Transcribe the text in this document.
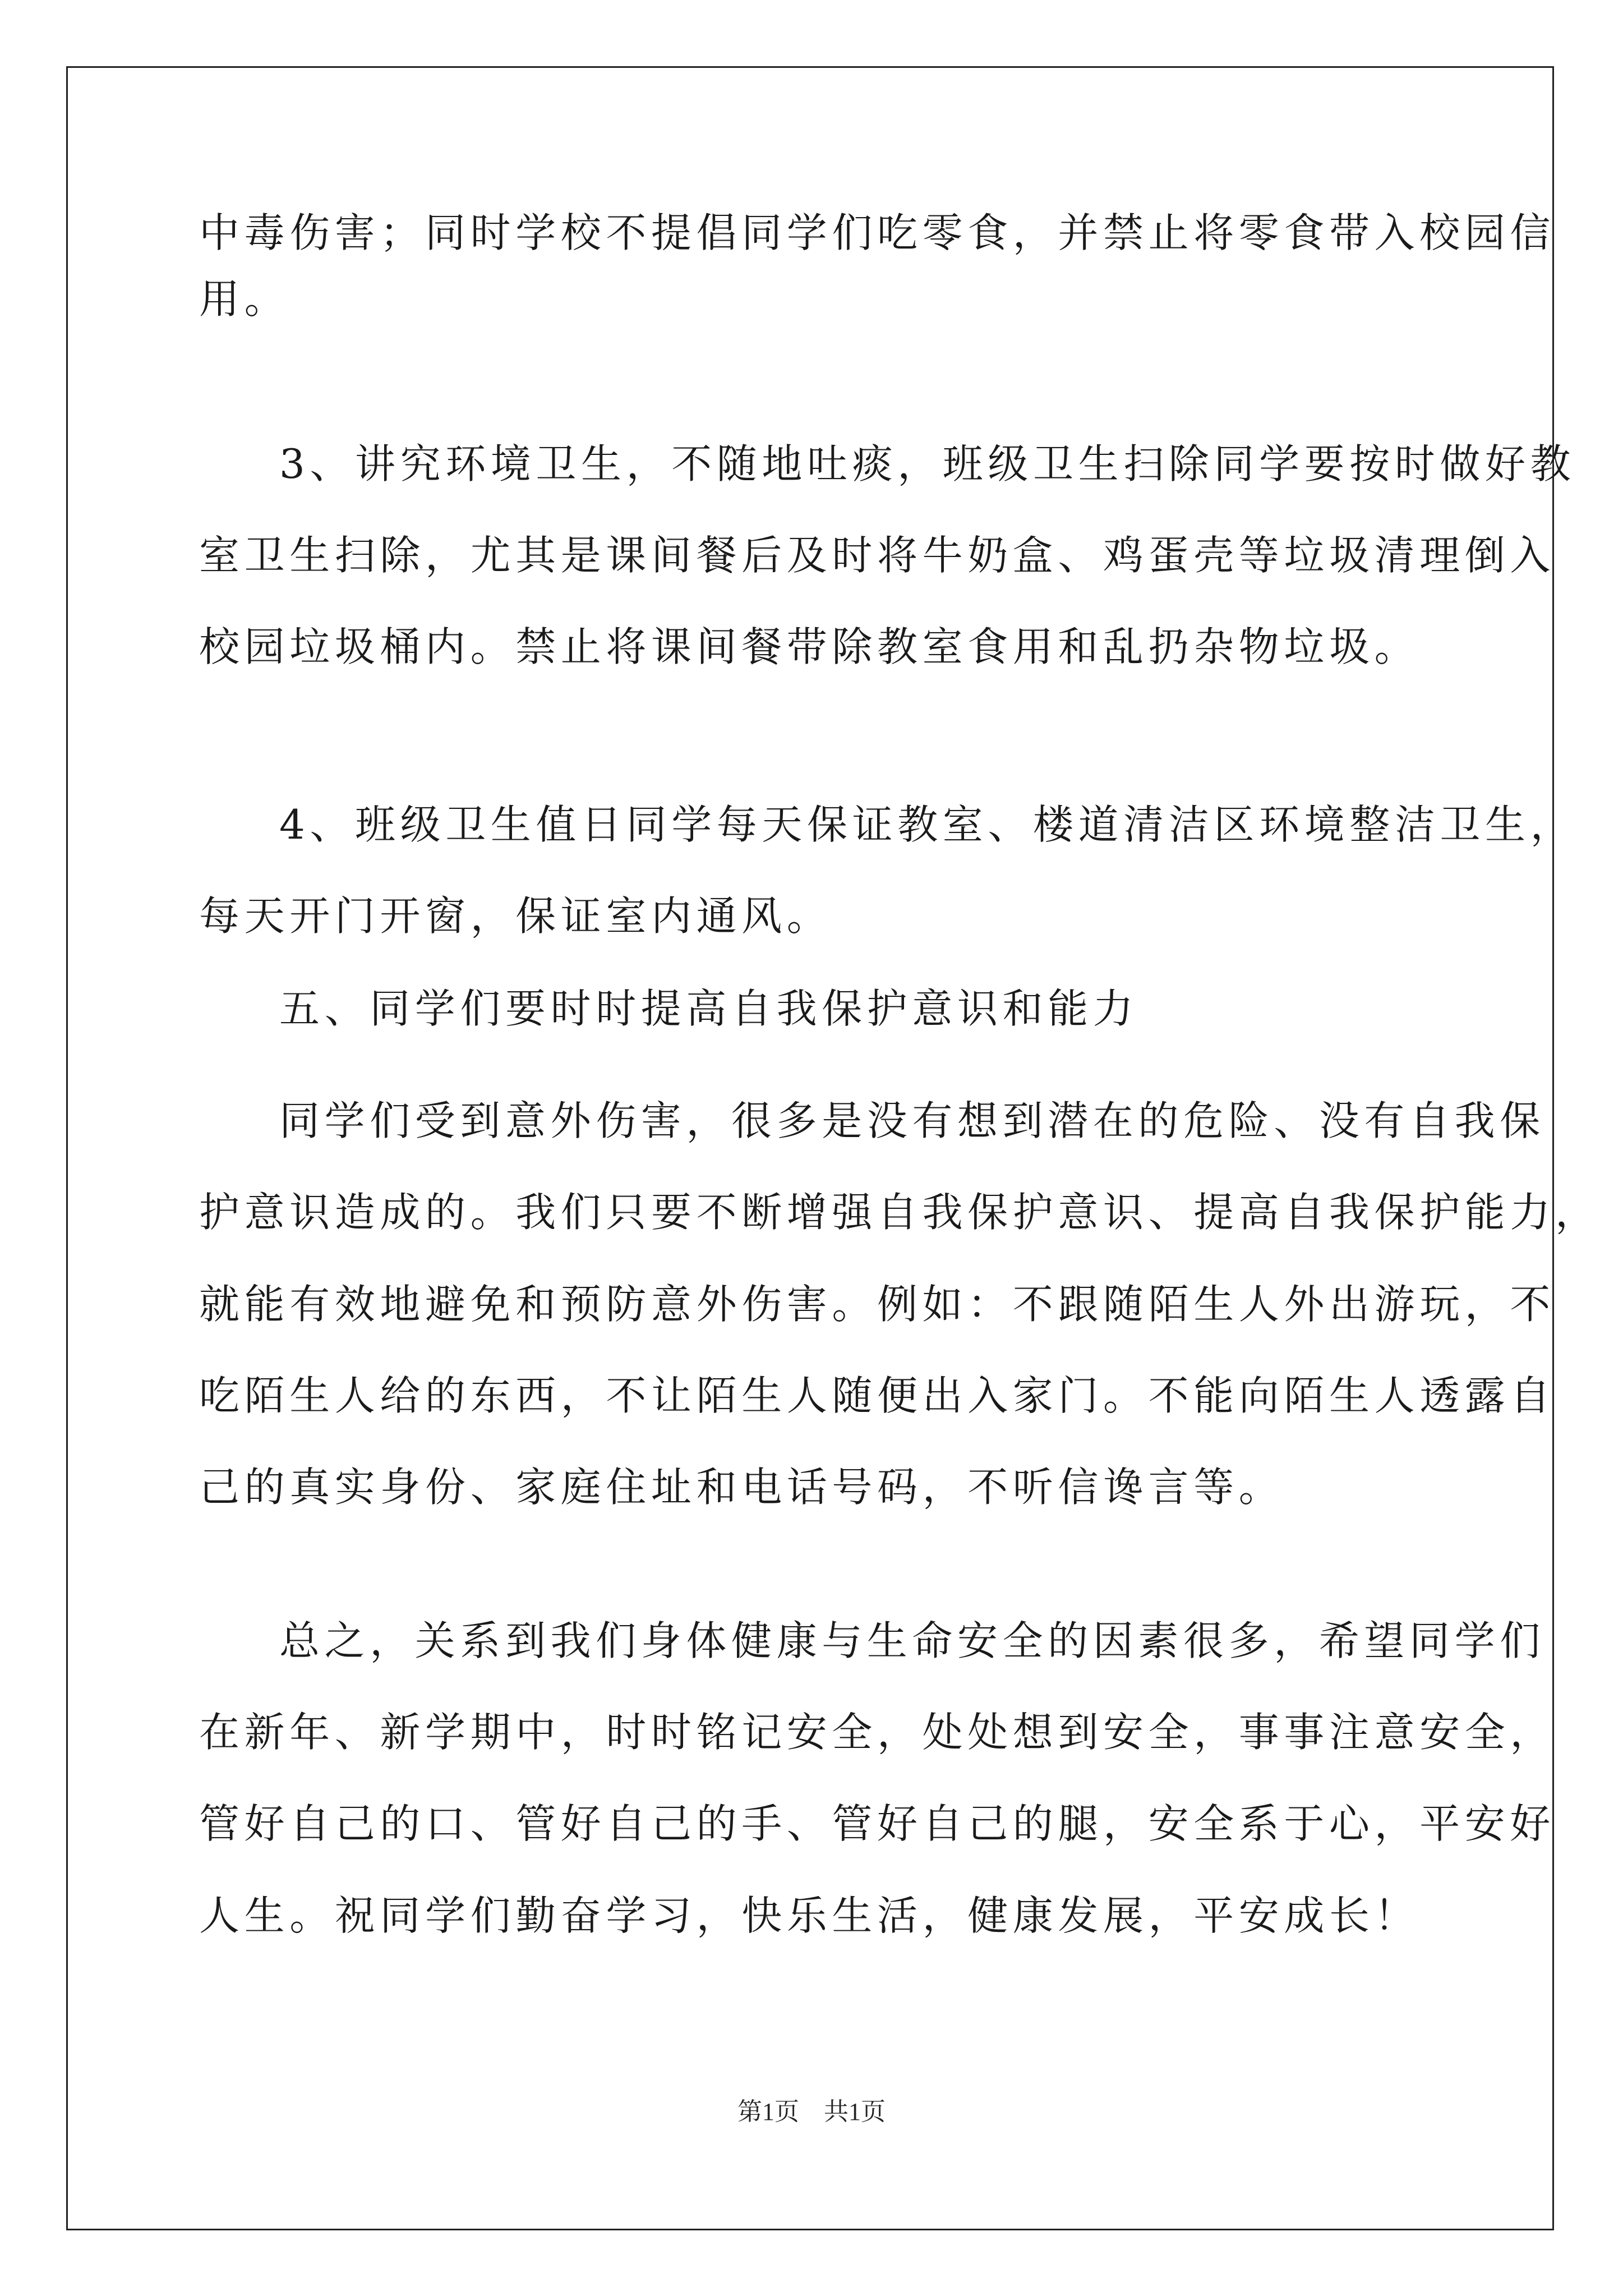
中毒伤害；同时学校不提倡同学们吃零食，并禁止将零食带入校园信
用。
3、讲究环境卫生，不随地吐痰，班级卫生扫除同学要按时做好教
室卫生扫除，尤其是课间餐后及时将牛奶盒、鸡蛋壳等垃圾清理倒入
校园垃圾桶内。禁止将课间餐带除教室食用和乱扔杂物垃圾。
4、班级卫生值日同学每天保证教室、楼道清洁区环境整洁卫生，
每天开门开窗，保证室内通风。
五、同学们要时时提高自我保护意识和能力
同学们受到意外伤害，很多是没有想到潜在的危险、没有自我保
护意识造成的。我们只要不断增强自我保护意识、提高自我保护能力，
就能有效地避免和预防意外伤害。例如：不跟随陌生人外出游玩，不
吃陌生人给的东西，不让陌生人随便出入家门。不能向陌生人透露自
己的真实身份、家庭住址和电话号码，不听信谗言等。
总之，关系到我们身体健康与生命安全的因素很多，希望同学们
在新年、新学期中，时时铭记安全，处处想到安全，事事注意安全，
管好自己的口、管好自己的手、管好自己的腿，安全系于心，平安好
人生。祝同学们勤奋学习，快乐生活，健康发展，平安成长！
第1页 共1页
